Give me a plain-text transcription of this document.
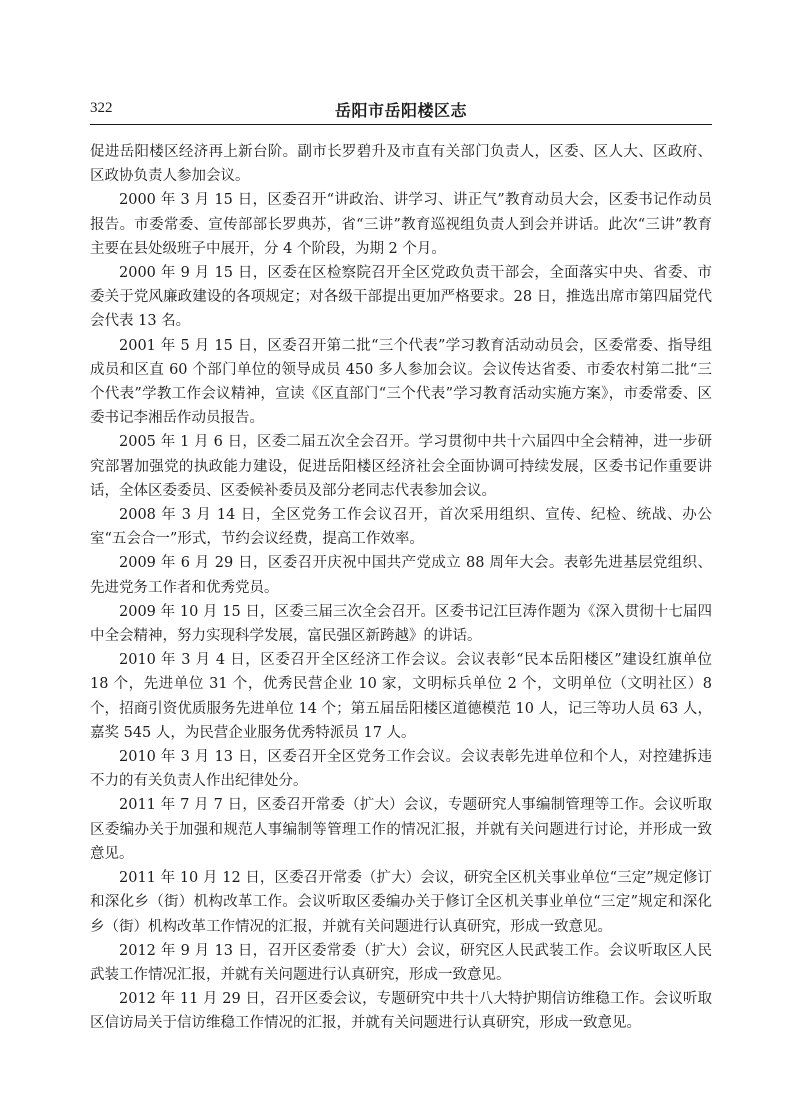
322	岳阳市岳阳楼区志

促进岳阳楼区经济再上新台阶。副市长罗碧升及市直有关部门负责人，区委、区人大、区政府、区政协负责人参加会议。

2000 年 3 月 15 日，区委召开“讲政治、讲学习、讲正气”教育动员大会，区委书记作动员报告。市委常委、宣传部部长罗典苏，省“三讲”教育巡视组负责人到会并讲话。此次“三讲”教育主要在县处级班子中展开，分 4 个阶段，为期 2 个月。

2000 年 9 月 15 日，区委在区检察院召开全区党政负责干部会，全面落实中央、省委、市委关于党风廉政建设的各项规定；对各级干部提出更加严格要求。28 日，推选出席市第四届党代会代表 13 名。

2001 年 5 月 15 日，区委召开第二批“三个代表”学习教育活动动员会，区委常委、指导组成员和区直 60 个部门单位的领导成员 450 多人参加会议。会议传达省委、市委农村第二批“三个代表”学教工作会议精神，宣读《区直部门“三个代表”学习教育活动实施方案》，市委常委、区委书记李湘岳作动员报告。

2005 年 1 月 6 日，区委二届五次全会召开。学习贯彻中共十六届四中全会精神，进一步研究部署加强党的执政能力建设，促进岳阳楼区经济社会全面协调可持续发展，区委书记作重要讲话，全体区委委员、区委候补委员及部分老同志代表参加会议。

2008 年 3 月 14 日，全区党务工作会议召开，首次采用组织、宣传、纪检、统战、办公室“五会合一”形式，节约会议经费，提高工作效率。

2009 年 6 月 29 日，区委召开庆祝中国共产党成立 88 周年大会。表彰先进基层党组织、先进党务工作者和优秀党员。

2009 年 10 月 15 日，区委三届三次全会召开。区委书记江巨涛作题为《深入贯彻十七届四中全会精神，努力实现科学发展，富民强区新跨越》的讲话。

2010 年 3 月 4 日，区委召开全区经济工作会议。会议表彰“民本岳阳楼区”建设红旗单位 18 个，先进单位 31 个，优秀民营企业 10 家，文明标兵单位 2 个，文明单位（文明社区）8 个，招商引资优质服务先进单位 14 个；第五届岳阳楼区道德模范 10 人，记三等功人员 63 人，嘉奖 545 人，为民营企业服务优秀特派员 17 人。

2010 年 3 月 13 日，区委召开全区党务工作会议。会议表彰先进单位和个人，对控建拆违不力的有关负责人作出纪律处分。

2011 年 7 月 7 日，区委召开常委（扩大）会议，专题研究人事编制管理等工作。会议听取区委编办关于加强和规范人事编制等管理工作的情况汇报，并就有关问题进行讨论，并形成一致意见。

2011 年 10 月 12 日，区委召开常委（扩大）会议，研究全区机关事业单位“三定”规定修订和深化乡（街）机构改革工作。会议听取区委编办关于修订全区机关事业单位“三定”规定和深化乡（街）机构改革工作情况的汇报，并就有关问题进行认真研究，形成一致意见。

2012 年 9 月 13 日，召开区委常委（扩大）会议，研究区人民武装工作。会议听取区人民武装工作情况汇报，并就有关问题进行认真研究，形成一致意见。

2012 年 11 月 29 日，召开区委会议，专题研究中共十八大特护期信访维稳工作。会议听取区信访局关于信访维稳工作情况的汇报，并就有关问题进行认真研究，形成一致意见。
